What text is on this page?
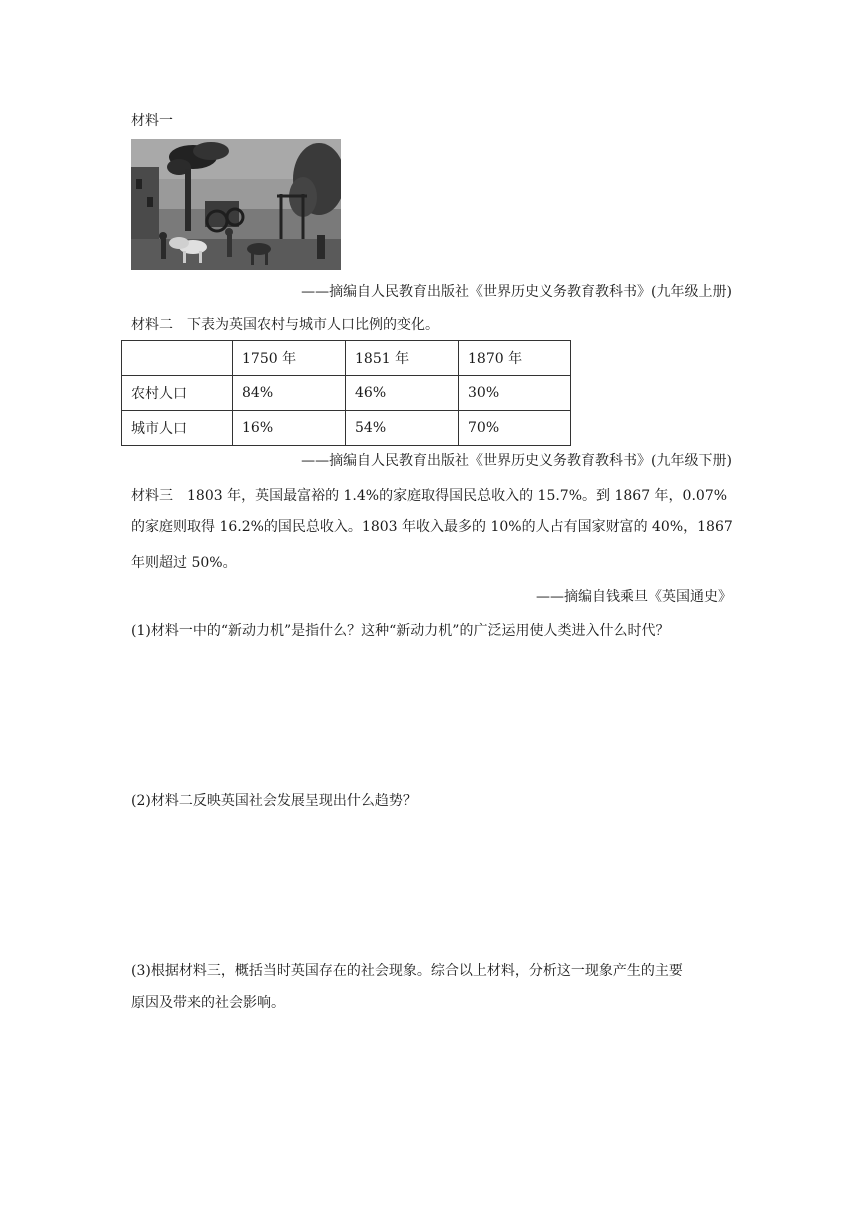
材料一
——摘编自人民教育出版社《世界历史义务教育教科书》(九年级上册)
材料二　下表为英国农村与城市人口比例的变化。
	1750 年	1851 年	1870 年
农村人口	84%	46%	30%
城市人口	16%	54%	70%
——摘编自人民教育出版社《世界历史义务教育教科书》(九年级下册)
材料三　1803 年，英国最富裕的 1.4%的家庭取得国民总收入的 15.7%。到 1867 年，0.07%
的家庭则取得 16.2%的国民总收入。1803 年收入最多的 10%的人占有国家财富的 40%，1867
年则超过 50%。
——摘编自钱乘旦《英国通史》
(1)材料一中的“新动力机”是指什么？这种“新动力机”的广泛运用使人类进入什么时代？
(2)材料二反映英国社会发展呈现出什么趋势？
(3)根据材料三，概括当时英国存在的社会现象。综合以上材料，分析这一现象产生的主要
原因及带来的社会影响。
